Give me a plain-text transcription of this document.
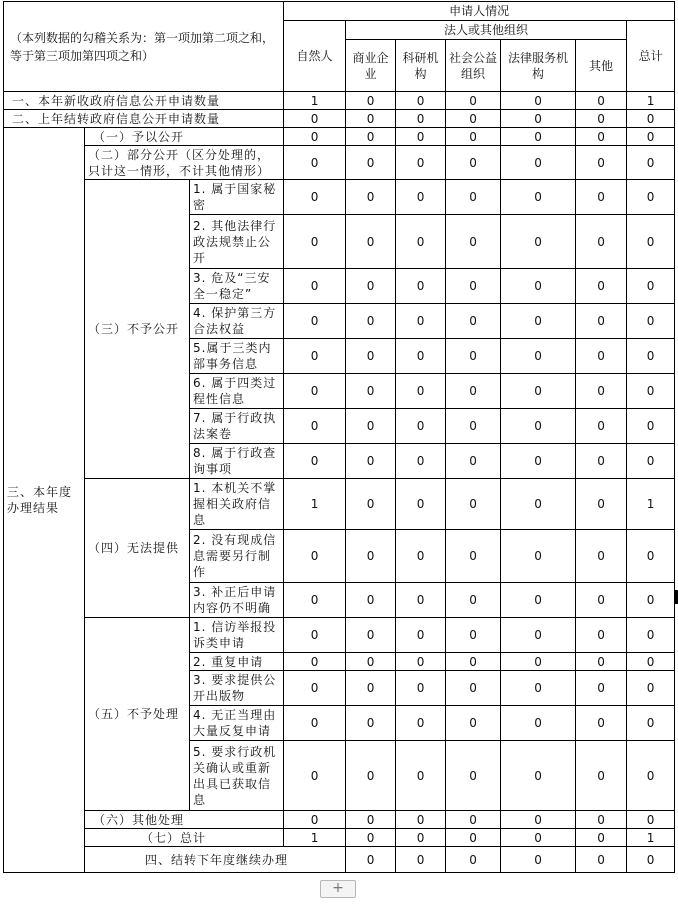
（本列数据的勾稽关系为：第一项加第二项之和，等于第三项加第四项之和）			申请人情况							
			自然人	法人或其他组织					总计	
				商业企业	科研机构	社会公益组织	法律服务机构	其他		
一、本年新收政府信息公开申请数量			1	0	0	0	0	0	1	
二、上年结转政府信息公开申请数量			0	0	0	0	0	0	0	
三、本年度办理结果	（一）予以公开		0	0	0	0	0	0	0	
	（二）部分公开（区分处理的，只计这一情形，不计其他情形）		0	0	0	0	0	0	0	
	（三）不予公开	1. 属于国家秘密	0	0	0	0	0	0	0	
		2. 其他法律行政法规禁止公开	0	0	0	0	0	0	0	
		3. 危及“三安全一稳定”	0	0	0	0	0	0	0	
		4. 保护第三方合法权益	0	0	0	0	0	0	0	
		5.属于三类内部事务信息	0	0	0	0	0	0	0	
		6. 属于四类过程性信息	0	0	0	0	0	0	0	
		7. 属于行政执法案卷	0	0	0	0	0	0	0	
		8. 属于行政查询事项	0	0	0	0	0	0	0	
	（四）无法提供	1. 本机关不掌握相关政府信息	1	0	0	0	0	0	1	
		2. 没有现成信息需要另行制作	0	0	0	0	0	0	0	
		3. 补正后申请内容仍不明确	0	0	0	0	0	0	0	
	（五）不予处理	1. 信访举报投诉类申请	0	0	0	0	0	0	0	
		2. 重复申请	0	0	0	0	0	0	0	
		3. 要求提供公开出版物	0	0	0	0	0	0	0	
		4. 无正当理由大量反复申请	0	0	0	0	0	0	0	
		5. 要求行政机关确认或重新出具已获取信息	0	0	0	0	0	0	0	
	（六）其他处理		0	0	0	0	0	0	0	
	（七）总计		1	0	0	0	0	0	1	
	四、结转下年度继续办理			0	0	0	0	0	0	
+
